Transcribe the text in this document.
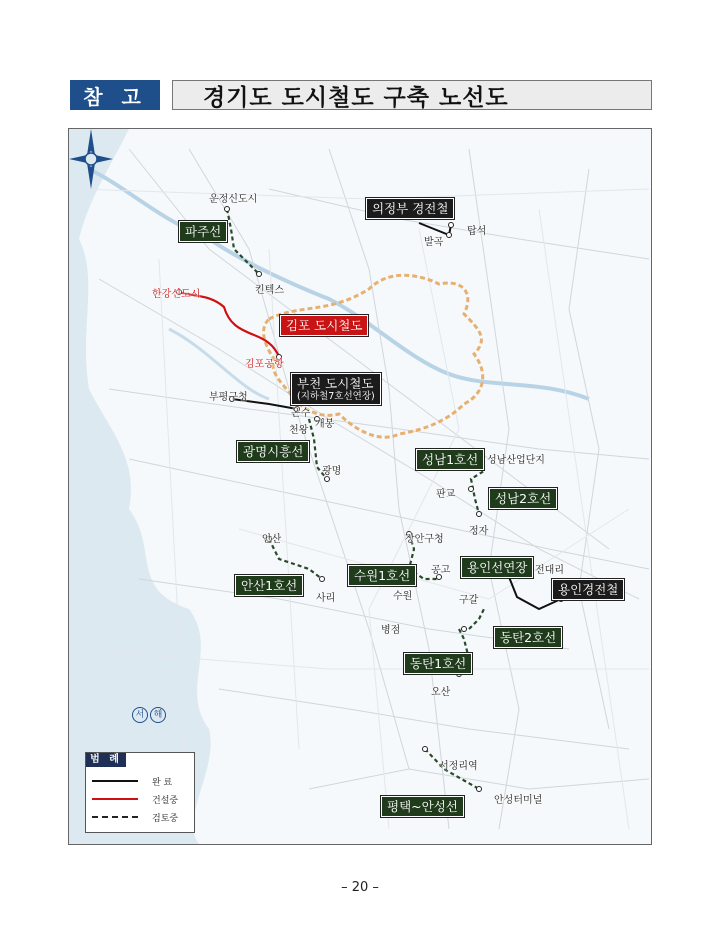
참 고	경기도 도시철도 구축 노선도
파주선
의정부 경전철
김포 도시철도
부천 도시철도
(지하철7호선연장)
광명시흥선
성남1호선
성남2호선
안산1호선
수원1호선
용인선연장
용인경전철
동탄2호선
동탄1호선
평택~안성선
운정신도시
킨텍스
탑석
발곡
한강신도시
김포공항
부평구청
온수
천왕
개봉
광명
성남산업단지
판교
정자
안산
사리
장안구청
수원
공고
구갈
전대리
병점
오산
서정리역
안성터미널
서 해
범 례
완 료
건설중
검토중
– 20 –
